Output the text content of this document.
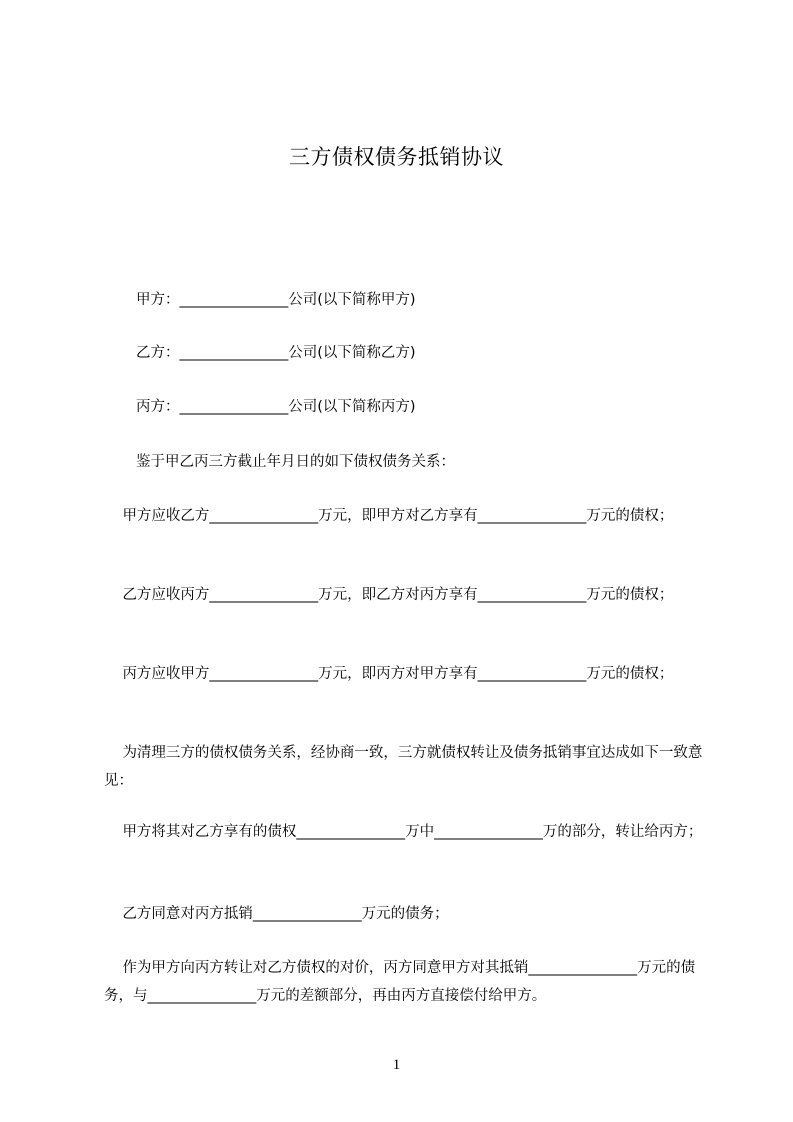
三方债权债务抵销协议
甲方：_______________公司(以下简称甲方)
乙方：_______________公司(以下简称乙方)
丙方：_______________公司(以下简称丙方)
鉴于甲乙丙三方截止年月日的如下债权债务关系：
甲方应收乙方_______________万元，即甲方对乙方享有_______________万元的债权；
乙方应收丙方_______________万元，即乙方对丙方享有_______________万元的债权；
丙方应收甲方_______________万元，即丙方对甲方享有_______________万元的债权；
为清理三方的债权债务关系，经协商一致，三方就债权转让及债务抵销事宜达成如下一致意见：
甲方将其对乙方享有的债权_______________万中_______________万的部分，转让给丙方；
乙方同意对丙方抵销_______________万元的债务；
作为甲方向丙方转让对乙方债权的对价，丙方同意甲方对其抵销_______________万元的债务，与_______________万元的差额部分，再由丙方直接偿付给甲方。
1
